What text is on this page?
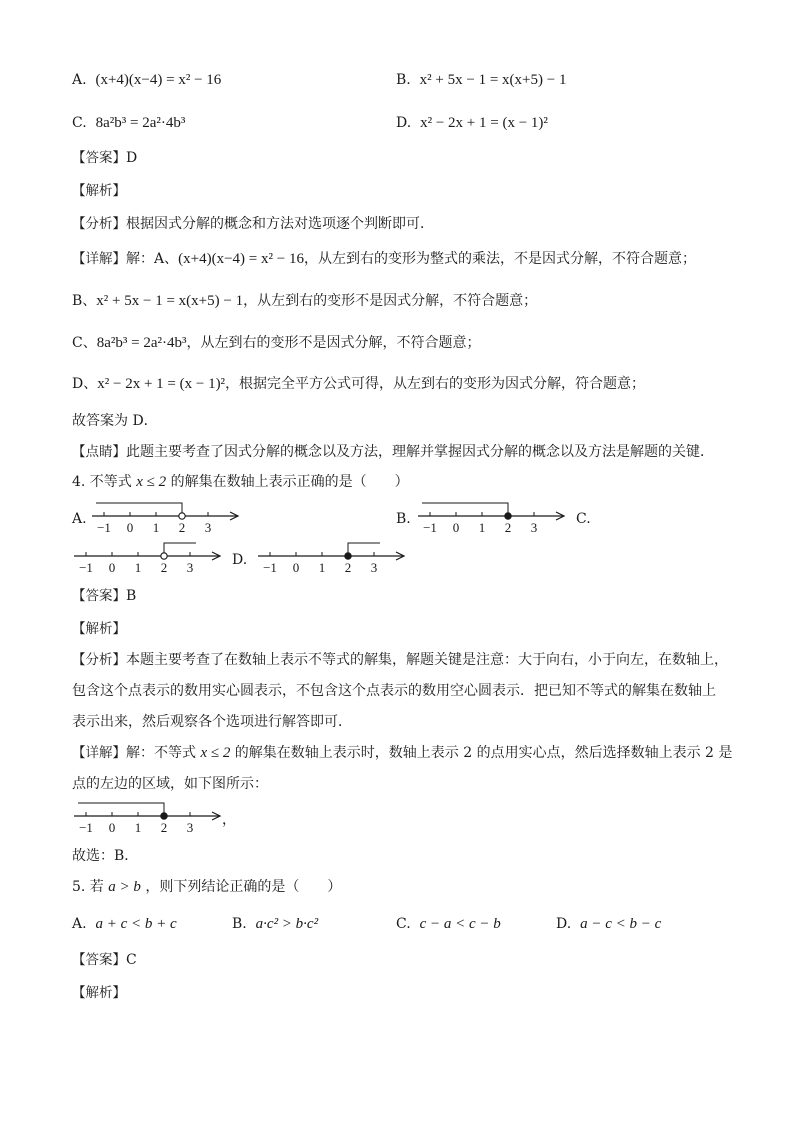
A. (x+4)(x−4) = x² − 16	B. x² + 5x − 1 = x(x+5) − 1
C. 8a²b³ = 2a²·4b³	D. x² − 2x + 1 = (x − 1)²
【答案】D
【解析】
【分析】根据因式分解的概念和方法对选项逐个判断即可．
【详解】解：A、(x+4)(x−4) = x² − 16，从左到右的变形为整式的乘法，不是因式分解，不符合题意；
B、x² + 5x − 1 = x(x+5) − 1，从左到右的变形不是因式分解，不符合题意；
C、8a²b³ = 2a²·4b³，从左到右的变形不是因式分解，不符合题意；
D、x² − 2x + 1 = (x − 1)²，根据完全平方公式可得，从左到右的变形为因式分解，符合题意；
故答案为 D．
【点睛】此题主要考查了因式分解的概念以及方法，理解并掌握因式分解的概念以及方法是解题的关键．
4. 不等式 x ≤ 2 的解集在数轴上表示正确的是（　　）
A.
−1 0 1 2 3
B.
−1 0 1 2 3
C.
−1 0 1 2 3	D. −1 0 1 2 3
【答案】B
【解析】
【分析】本题主要考查了在数轴上表示不等式的解集，解题关键是注意：大于向右，小于向左，在数轴上，
包含这个点表示的数用实心圆表示，不包含这个点表示的数用空心圆表示．把已知不等式的解集在数轴上
表示出来，然后观察各个选项进行解答即可．
【详解】解：不等式 x ≤ 2 的解集在数轴上表示时，数轴上表示 2 的点用实心点，然后选择数轴上表示 2 是
点的左边的区域，如下图所示：
−1 0 1 2 3 ，
故选：B．
5. 若 a > b ，则下列结论正确的是（　　）
A. a + c < b + c	B. a·c² > b·c²	C. c − a < c − b	D. a − c < b − c
【答案】C
【解析】
